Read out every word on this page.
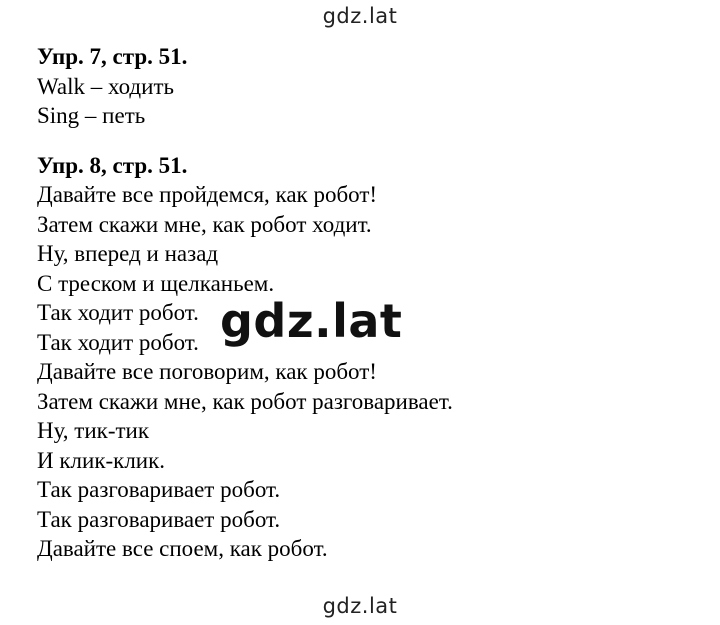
gdz.lat
Упр. 7, стр. 51.
Walk – ходить
Sing – петь
Упр. 8, стр. 51.
Давайте все пройдемся, как робот!
Затем скажи мне, как робот ходит.
Ну, вперед и назад
С треском и щелканьем.
Так ходит робот.
Так ходит робот.
Давайте все поговорим, как робот!
Затем скажи мне, как робот разговаривает.
Ну, тик-тик
И клик-клик.
Так разговаривает робот.
Так разговаривает робот.
Давайте все споем, как робот.
gdz.lat
gdz.lat
